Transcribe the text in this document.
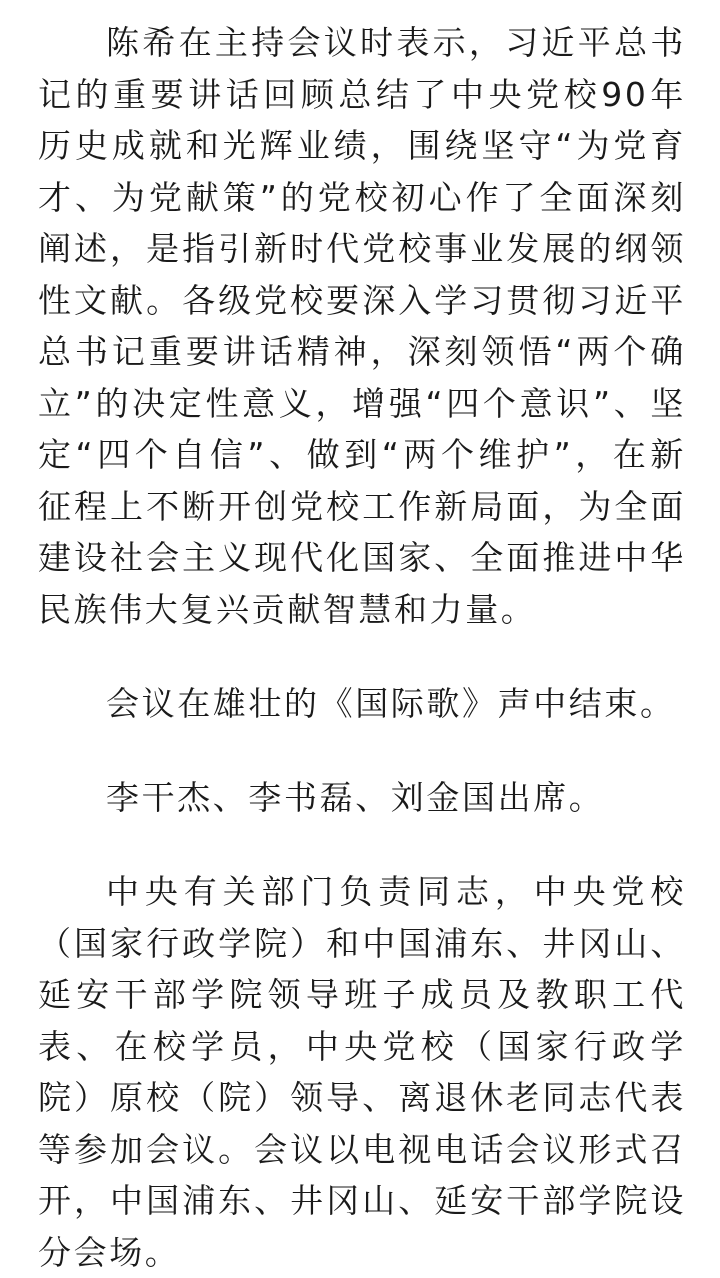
陈希在主持会议时表示，习近平总书记的重要讲话回顾总结了中央党校90年历史成就和光辉业绩，围绕坚守“为党育才、为党献策”的党校初心作了全面深刻阐述，是指引新时代党校事业发展的纲领性文献。各级党校要深入学习贯彻习近平总书记重要讲话精神，深刻领悟“两个确立”的决定性意义，增强“四个意识”、坚定“四个自信”、做到“两个维护”，在新征程上不断开创党校工作新局面，为全面建设社会主义现代化国家、全面推进中华民族伟大复兴贡献智慧和力量。

会议在雄壮的《国际歌》声中结束。

李干杰、李书磊、刘金国出席。

中央有关部门负责同志，中央党校（国家行政学院）和中国浦东、井冈山、延安干部学院领导班子成员及教职工代表、在校学员，中央党校（国家行政学院）原校（院）领导、离退休老同志代表等参加会议。会议以电视电话会议形式召开，中国浦东、井冈山、延安干部学院设分会场。
